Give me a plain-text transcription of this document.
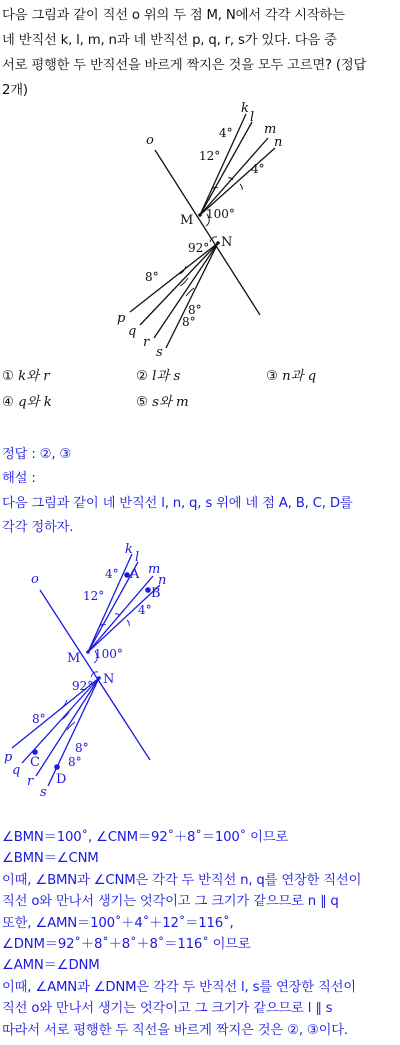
다음 그림과 같이 직선 o 위의 두 점 M, N에서 각각 시작하는
네 반직선 k, l, m, n과 네 반직선 p, q, r, s가 있다. 다음 중
서로 평행한 두 반직선을 바르게 짝지은 것을 모두 고르면? (정답
2개)
o
k
l
m
n
M
N
p
q
r
s
4°
12°
4°
100°
92°
8°
8°
8°
① k와 r	② l과 s	③ n과 q
④ q와 k	⑤ s와 m
정답 : ②, ③
해설 :
다음 그림과 같이 네 반직선 l, n, q, s 위에 네 점 A, B, C, D를
각각 정하자.
o
k
l
m
n
A
B
M
N
C
D
p
q
r
s
4°
12°
4°
100°
92°
8°
8°
8°
∠BMN＝100˚, ∠CNM＝92˚＋8˚＝100˚ 이므로
∠BMN＝∠CNM
이때, ∠BMN과 ∠CNM은 각각 두 반직선 n, q를 연장한 직선이
직선 o와 만나서 생기는 엇각이고 그 크기가 같으므로 n ∥ q
또한, ∠AMN＝100˚＋4˚＋12˚＝116˚,
∠DNM＝92˚＋8˚＋8˚＋8˚＝116˚ 이므로
∠AMN＝∠DNM
이때, ∠AMN과 ∠DNM은 각각 두 반직선 l, s를 연장한 직선이
직선 o와 만나서 생기는 엇각이고 그 크기가 같으므로 l ∥ s
따라서 서로 평행한 두 직선을 바르게 짝지은 것은 ②, ③이다.
